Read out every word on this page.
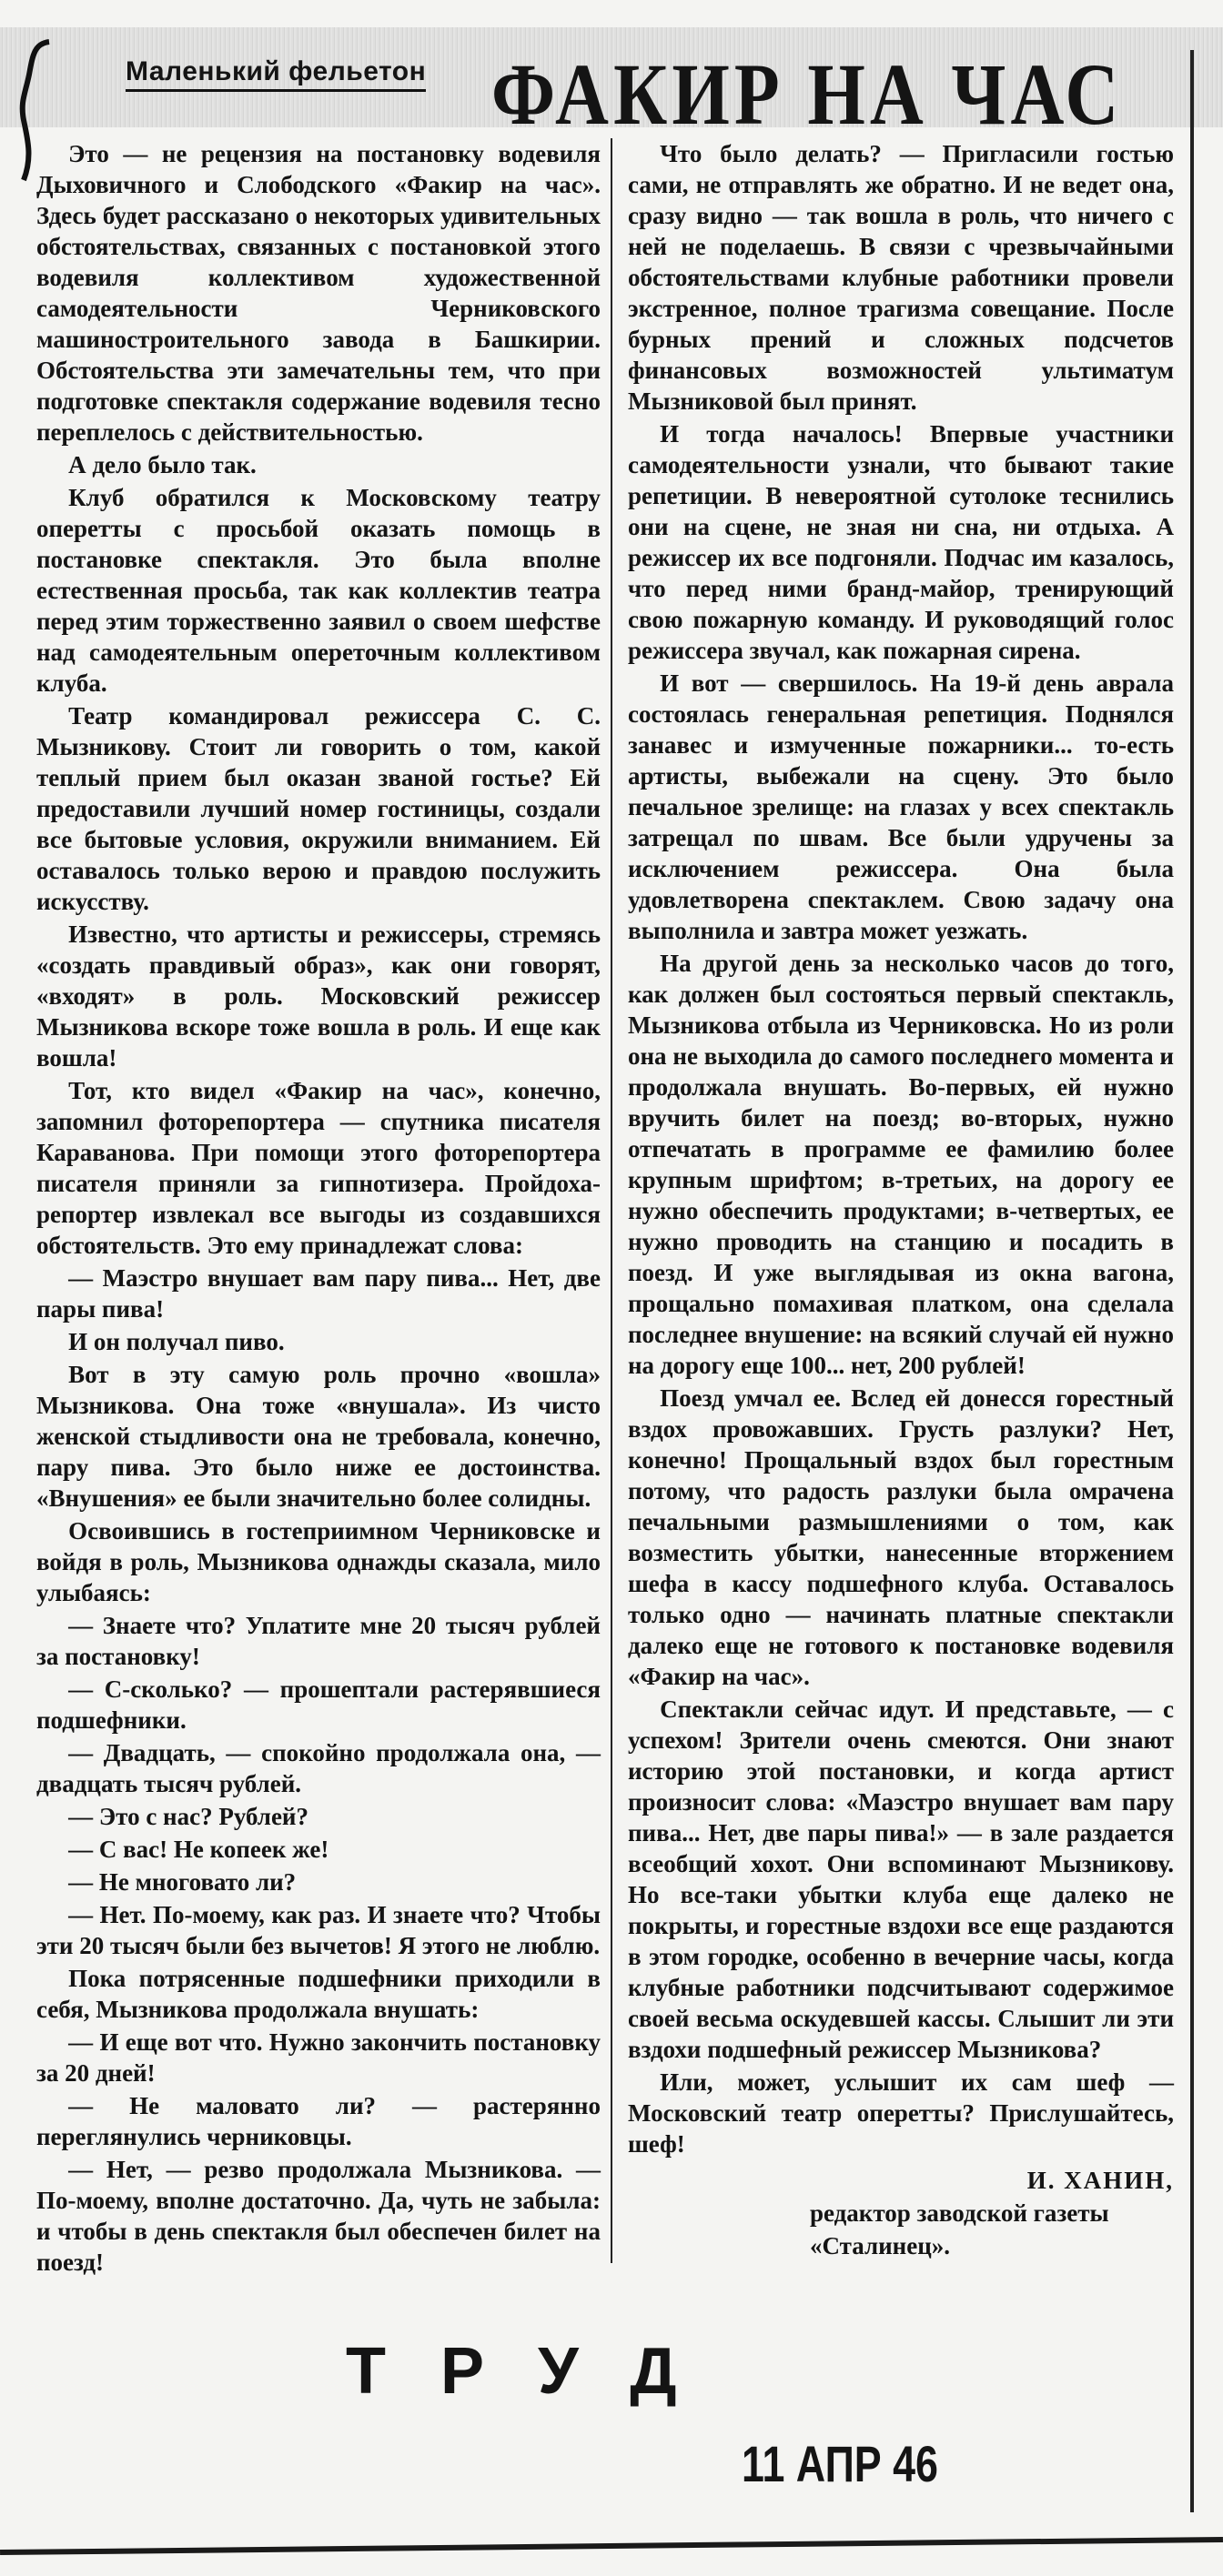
Маленький фельетон ФАКИР НА ЧАС

Это — не рецензия на постановку водевиля Дыховичного и Слободского «Факир на час». Здесь будет рассказано о некоторых удивительных обстоятельствах, связанных с постановкой этого водевиля коллективом художественной самодеятельности Черниковского машиностроительного завода в Башкирии. Обстоятельства эти замечательны тем, что при подготовке спектакля содержание водевиля тесно переплелось с действительностью.

А дело было так.

Клуб обратился к Московскому театру оперетты с просьбой оказать помощь в постановке спектакля. Это была вполне естественная просьба, так как коллектив театра перед этим торжественно заявил о своем шефстве над самодеятельным опереточным коллективом клуба.

Театр командировал режиссера С. С. Мызникову. Стоит ли говорить о том, какой теплый прием был оказан званой гостье? Ей предоставили лучший номер гостиницы, создали все бытовые условия, окружили вниманием. Ей оставалось только верою и правдою послужить искусству.

Известно, что артисты и режиссеры, стремясь «создать правдивый образ», как они говорят, «входят» в роль. Московский режиссер Мызникова вскоре тоже вошла в роль. И еще как вошла!

Тот, кто видел «Факир на час», конечно, запомнил фоторепортера — спутника писателя Караванова. При помощи этого фоторепортера писателя приняли за гипнотизера. Пройдоха-репортер извлекал все выгоды из создавшихся обстоятельств. Это ему принадлежат слова:

— Маэстро внушает вам пару пива... Нет, две пары пива!

И он получал пиво.

Вот в эту самую роль прочно «вошла» Мызникова. Она тоже «внушала». Из чисто женской стыдливости она не требовала, конечно, пару пива. Это было ниже ее достоинства. «Внушения» ее были значительно более солидны.

Освоившись в гостеприимном Черниковске и войдя в роль, Мызникова однажды сказала, мило улыбаясь:

— Знаете что? Уплатите мне 20 тысяч рублей за постановку!

— С-сколько? — прошептали растерявшиеся подшефники.

— Двадцать, — спокойно продолжала она, — двадцать тысяч рублей.

— Это с нас? Рублей?

— С вас! Не копеек же!

— Не многовато ли?

— Нет. По-моему, как раз. И знаете что? Чтобы эти 20 тысяч были без вычетов! Я этого не люблю.

Пока потрясенные подшефники приходили в себя, Мызникова продолжала внушать:

— И еще вот что. Нужно закончить постановку за 20 дней!

— Не маловато ли? — растерянно переглянулись черниковцы.

— Нет, — резво продолжала Мызникова. — По-моему, вполне достаточно. Да, чуть не забыла: и чтобы в день спектакля был обеспечен билет на поезд!

Что было делать? — Пригласили гостью сами, не отправлять же обратно. И не ведет она, сразу видно — так вошла в роль, что ничего с ней не поделаешь. В связи с чрезвычайными обстоятельствами клубные работники провели экстренное, полное трагизма совещание. После бурных прений и сложных подсчетов финансовых возможностей ультиматум Мызниковой был принят.

И тогда началось! Впервые участники самодеятельности узнали, что бывают такие репетиции. В невероятной сутолоке теснились они на сцене, не зная ни сна, ни отдыха. А режиссер их все подгоняли. Подчас им казалось, что перед ними бранд-майор, тренирующий свою пожарную команду. И руководящий голос режиссера звучал, как пожарная сирена.

И вот — свершилось. На 19-й день аврала состоялась генеральная репетиция. Поднялся занавес и измученные пожарники... то-есть артисты, выбежали на сцену. Это было печальное зрелище: на глазах у всех спектакль затрещал по швам. Все были удручены за исключением режиссера. Она была удовлетворена спектаклем. Свою задачу она выполнила и завтра может уезжать.

На другой день за несколько часов до того, как должен был состояться первый спектакль, Мызникова отбыла из Черниковска. Но из роли она не выходила до самого последнего момента и продолжала внушать. Во-первых, ей нужно вручить билет на поезд; во-вторых, нужно отпечатать в программе ее фамилию более крупным шрифтом; в-третьих, на дорогу ее нужно обеспечить продуктами; в-четвертых, ее нужно проводить на станцию и посадить в поезд. И уже выглядывая из окна вагона, прощально помахивая платком, она сделала последнее внушение: на всякий случай ей нужно на дорогу еще 100... нет, 200 рублей!

Поезд умчал ее. Вслед ей донесся горестный вздох провожавших. Грусть разлуки? Нет, конечно! Прощальный вздох был горестным потому, что радость разлуки была омрачена печальными размышлениями о том, как возместить убытки, нанесенные вторжением шефа в кассу подшефного клуба. Оставалось только одно — начинать платные спектакли далеко еще не готового к постановке водевиля «Факир на час».

Спектакли сейчас идут. И представьте, — с успехом! Зрители очень смеются. Они знают историю этой постановки, и когда артист произносит слова: «Маэстро внушает вам пару пива... Нет, две пары пива!» — в зале раздается всеобщий хохот. Они вспоминают Мызникову. Но все-таки убытки клуба еще далеко не покрыты, и горестные вздохи все еще раздаются в этом городке, особенно в вечерние часы, когда клубные работники подсчитывают содержимое своей весьма оскудевшей кассы. Слышит ли эти вздохи подшефный режиссер Мызникова?

Или, может, услышит их сам шеф — Московский театр оперетты? Прислушайтесь, шеф!

И. ХАНИН,

редактор заводской газеты

«Сталинец».

ТРУД
11 АПР 46
